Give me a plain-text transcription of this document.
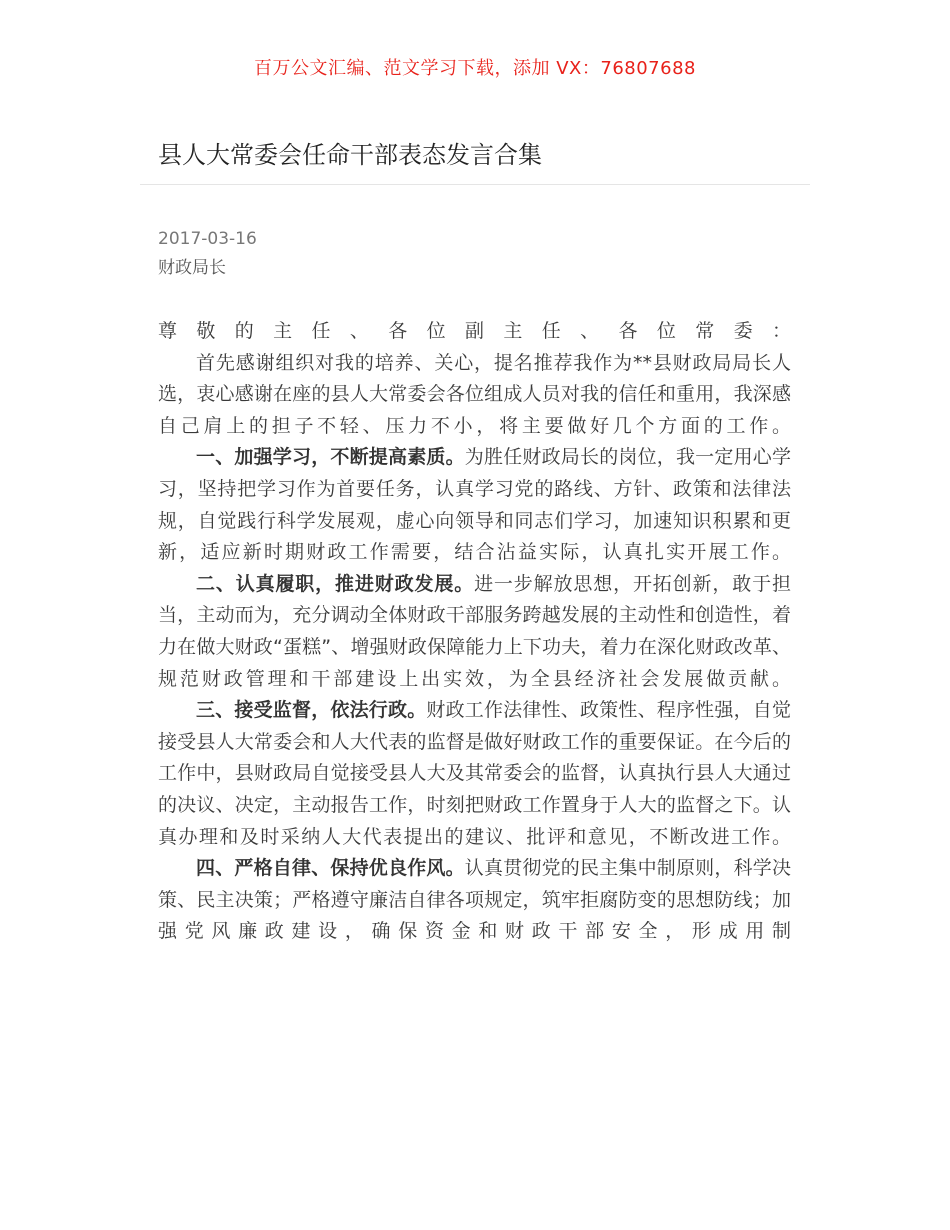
百万公文汇编、范文学习下载，添加 VX：76807688
县人大常委会任命干部表态发言合集
2017-03-16
财政局长

尊敬的主任、各位副主任、各位常委：

首先感谢组织对我的培养、关心，提名推荐我作为**县财政局局长人选，衷心感谢在座的县人大常委会各位组成人员对我的信任和重用，我深感自己肩上的担子不轻、压力不小，将主要做好几个方面的工作。

一、加强学习，不断提高素质。为胜任财政局长的岗位，我一定用心学习，坚持把学习作为首要任务，认真学习党的路线、方针、政策和法律法规，自觉践行科学发展观，虚心向领导和同志们学习，加速知识积累和更新，适应新时期财政工作需要，结合沾益实际，认真扎实开展工作。

二、认真履职，推进财政发展。进一步解放思想，开拓创新，敢于担当，主动而为，充分调动全体财政干部服务跨越发展的主动性和创造性，着力在做大财政“蛋糕”、增强财政保障能力上下功夫，着力在深化财政改革、规范财政管理和干部建设上出实效，为全县经济社会发展做贡献。

三、接受监督，依法行政。财政工作法律性、政策性、程序性强，自觉接受县人大常委会和人大代表的监督是做好财政工作的重要保证。在今后的工作中，县财政局自觉接受县人大及其常委会的监督，认真执行县人大通过的决议、决定，主动报告工作，时刻把财政工作置身于人大的监督之下。认真办理和及时采纳人大代表提出的建议、批评和意见，不断改进工作。

四、严格自律、保持优良作风。认真贯彻党的民主集中制原则，科学决策、民主决策；严格遵守廉洁自律各项规定，筑牢拒腐防变的思想防线；加强党风廉政建设，确保资金和财政干部安全，形成用制
